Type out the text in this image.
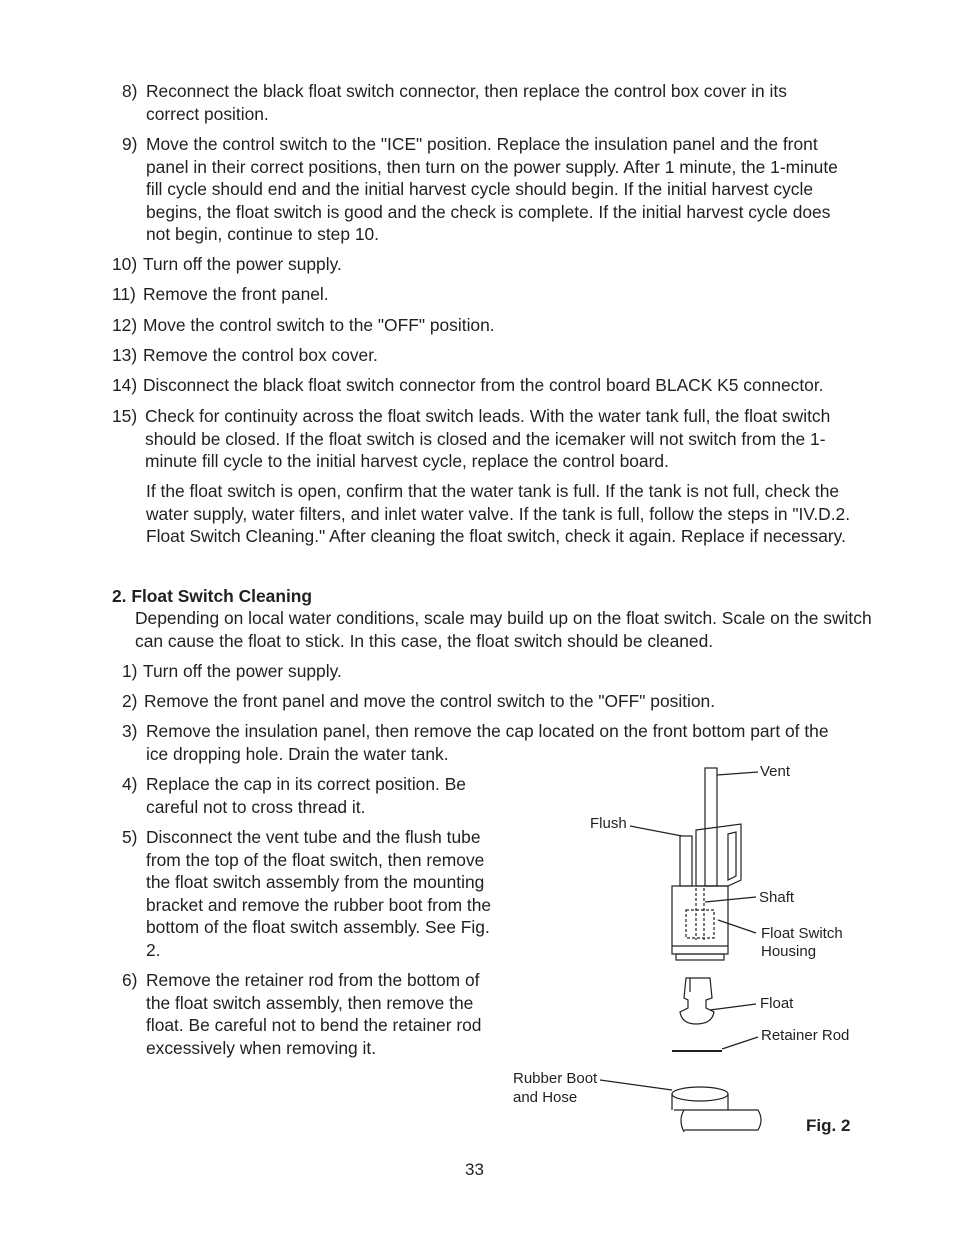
8) Reconnect the black float switch connector, then replace the control box cover in its correct position.
9) Move the control switch to the "ICE" position. Replace the insulation panel and the front panel in their correct positions, then turn on the power supply. After 1 minute, the 1-minute fill cycle should end and the initial harvest cycle should begin. If the initial harvest cycle begins, the float switch is good and the check is complete. If the initial harvest cycle does not begin, continue to step 10.
10) Turn off the power supply.
11) Remove the front panel.
12) Move the control switch to the "OFF" position.
13) Remove the control box cover.
14) Disconnect the black float switch connector from the control board BLACK K5 connector.
15) Check for continuity across the float switch leads. With the water tank full, the float switch should be closed. If the float switch is closed and the icemaker will not switch from the 1-minute fill cycle to the initial harvest cycle, replace the control board.

If the float switch is open, confirm that the water tank is full. If the tank is not full, check the water supply, water filters, and inlet water valve. If the tank is full, follow the steps in "IV.D.2. Float Switch Cleaning." After cleaning the float switch, check it again. Replace if necessary.

2. Float Switch Cleaning

Depending on local water conditions, scale may build up on the float switch. Scale on the switch can cause the float to stick. In this case, the float switch should be cleaned.

1) Turn off the power supply.
2) Remove the front panel and move the control switch to the "OFF" position.
3) Remove the insulation panel, then remove the cap located on the front bottom part of the ice dropping hole. Drain the water tank.
4) Replace the cap in its correct position. Be careful not to cross thread it.
5) Disconnect the vent tube and the flush tube from the top of the float switch, then remove the float switch assembly from the mounting bracket and remove the rubber boot from the bottom of the float switch assembly. See Fig. 2.
6) Remove the retainer rod from the bottom of the float switch assembly, then remove the float. Be careful not to bend the retainer rod excessively when removing it.
Vent
Flush
Shaft
Float Switch
Housing
Float
Retainer Rod
Rubber Boot
and Hose
Fig. 2
33
